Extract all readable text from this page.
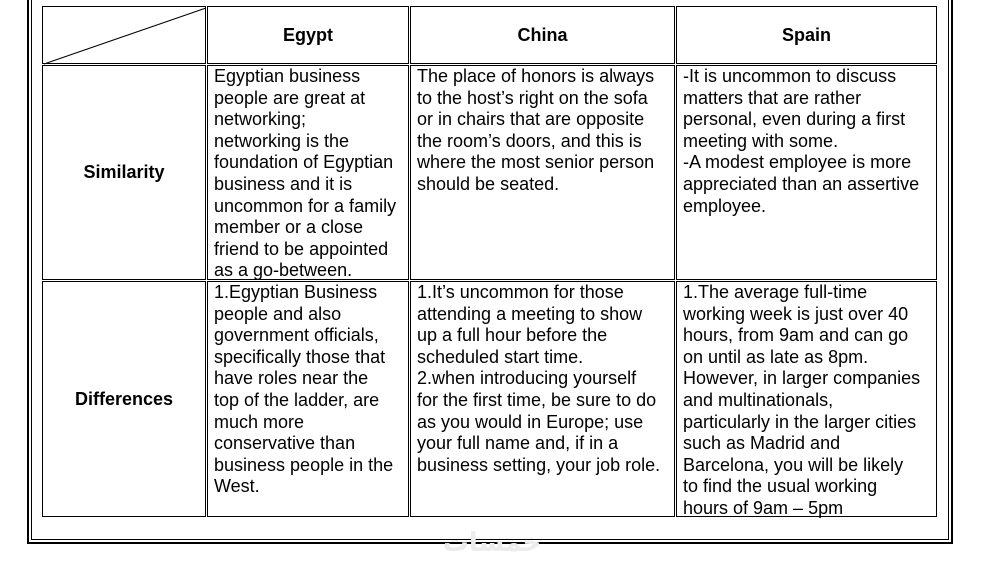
Egypt	China	Spain
Similarity
Egyptian business
people are great at
networking;
networking is the
foundation of Egyptian
business and it is
uncommon for a family
member or a close
friend to be appointed
as a go-between.
The place of honors is always
to the host’s right on the sofa
or in chairs that are opposite
the room’s doors, and this is
where the most senior person
should be seated.
-It is uncommon to discuss
matters that are rather
personal, even during a first
meeting with some.
-A modest employee is more
appreciated than an assertive
employee.
Differences
1.Egyptian Business
people and also
government officials,
specifically those that
have roles near the
top of the ladder, are
much more
conservative than
business people in the
West.
1.It’s uncommon for those
attending a meeting to show
up a full hour before the
scheduled start time.
2.when introducing yourself
for the first time, be sure to do
as you would in Europe; use
your full name and, if in a
business setting, your job role.
1.The average full-time
working week is just over 40
hours, from 9am and can go
on until as late as 8pm.
However, in larger companies
and multinationals,
particularly in the larger cities
such as Madrid and
Barcelona, you will be likely
to find the usual working
hours of 9am – 5pm
خمسات
